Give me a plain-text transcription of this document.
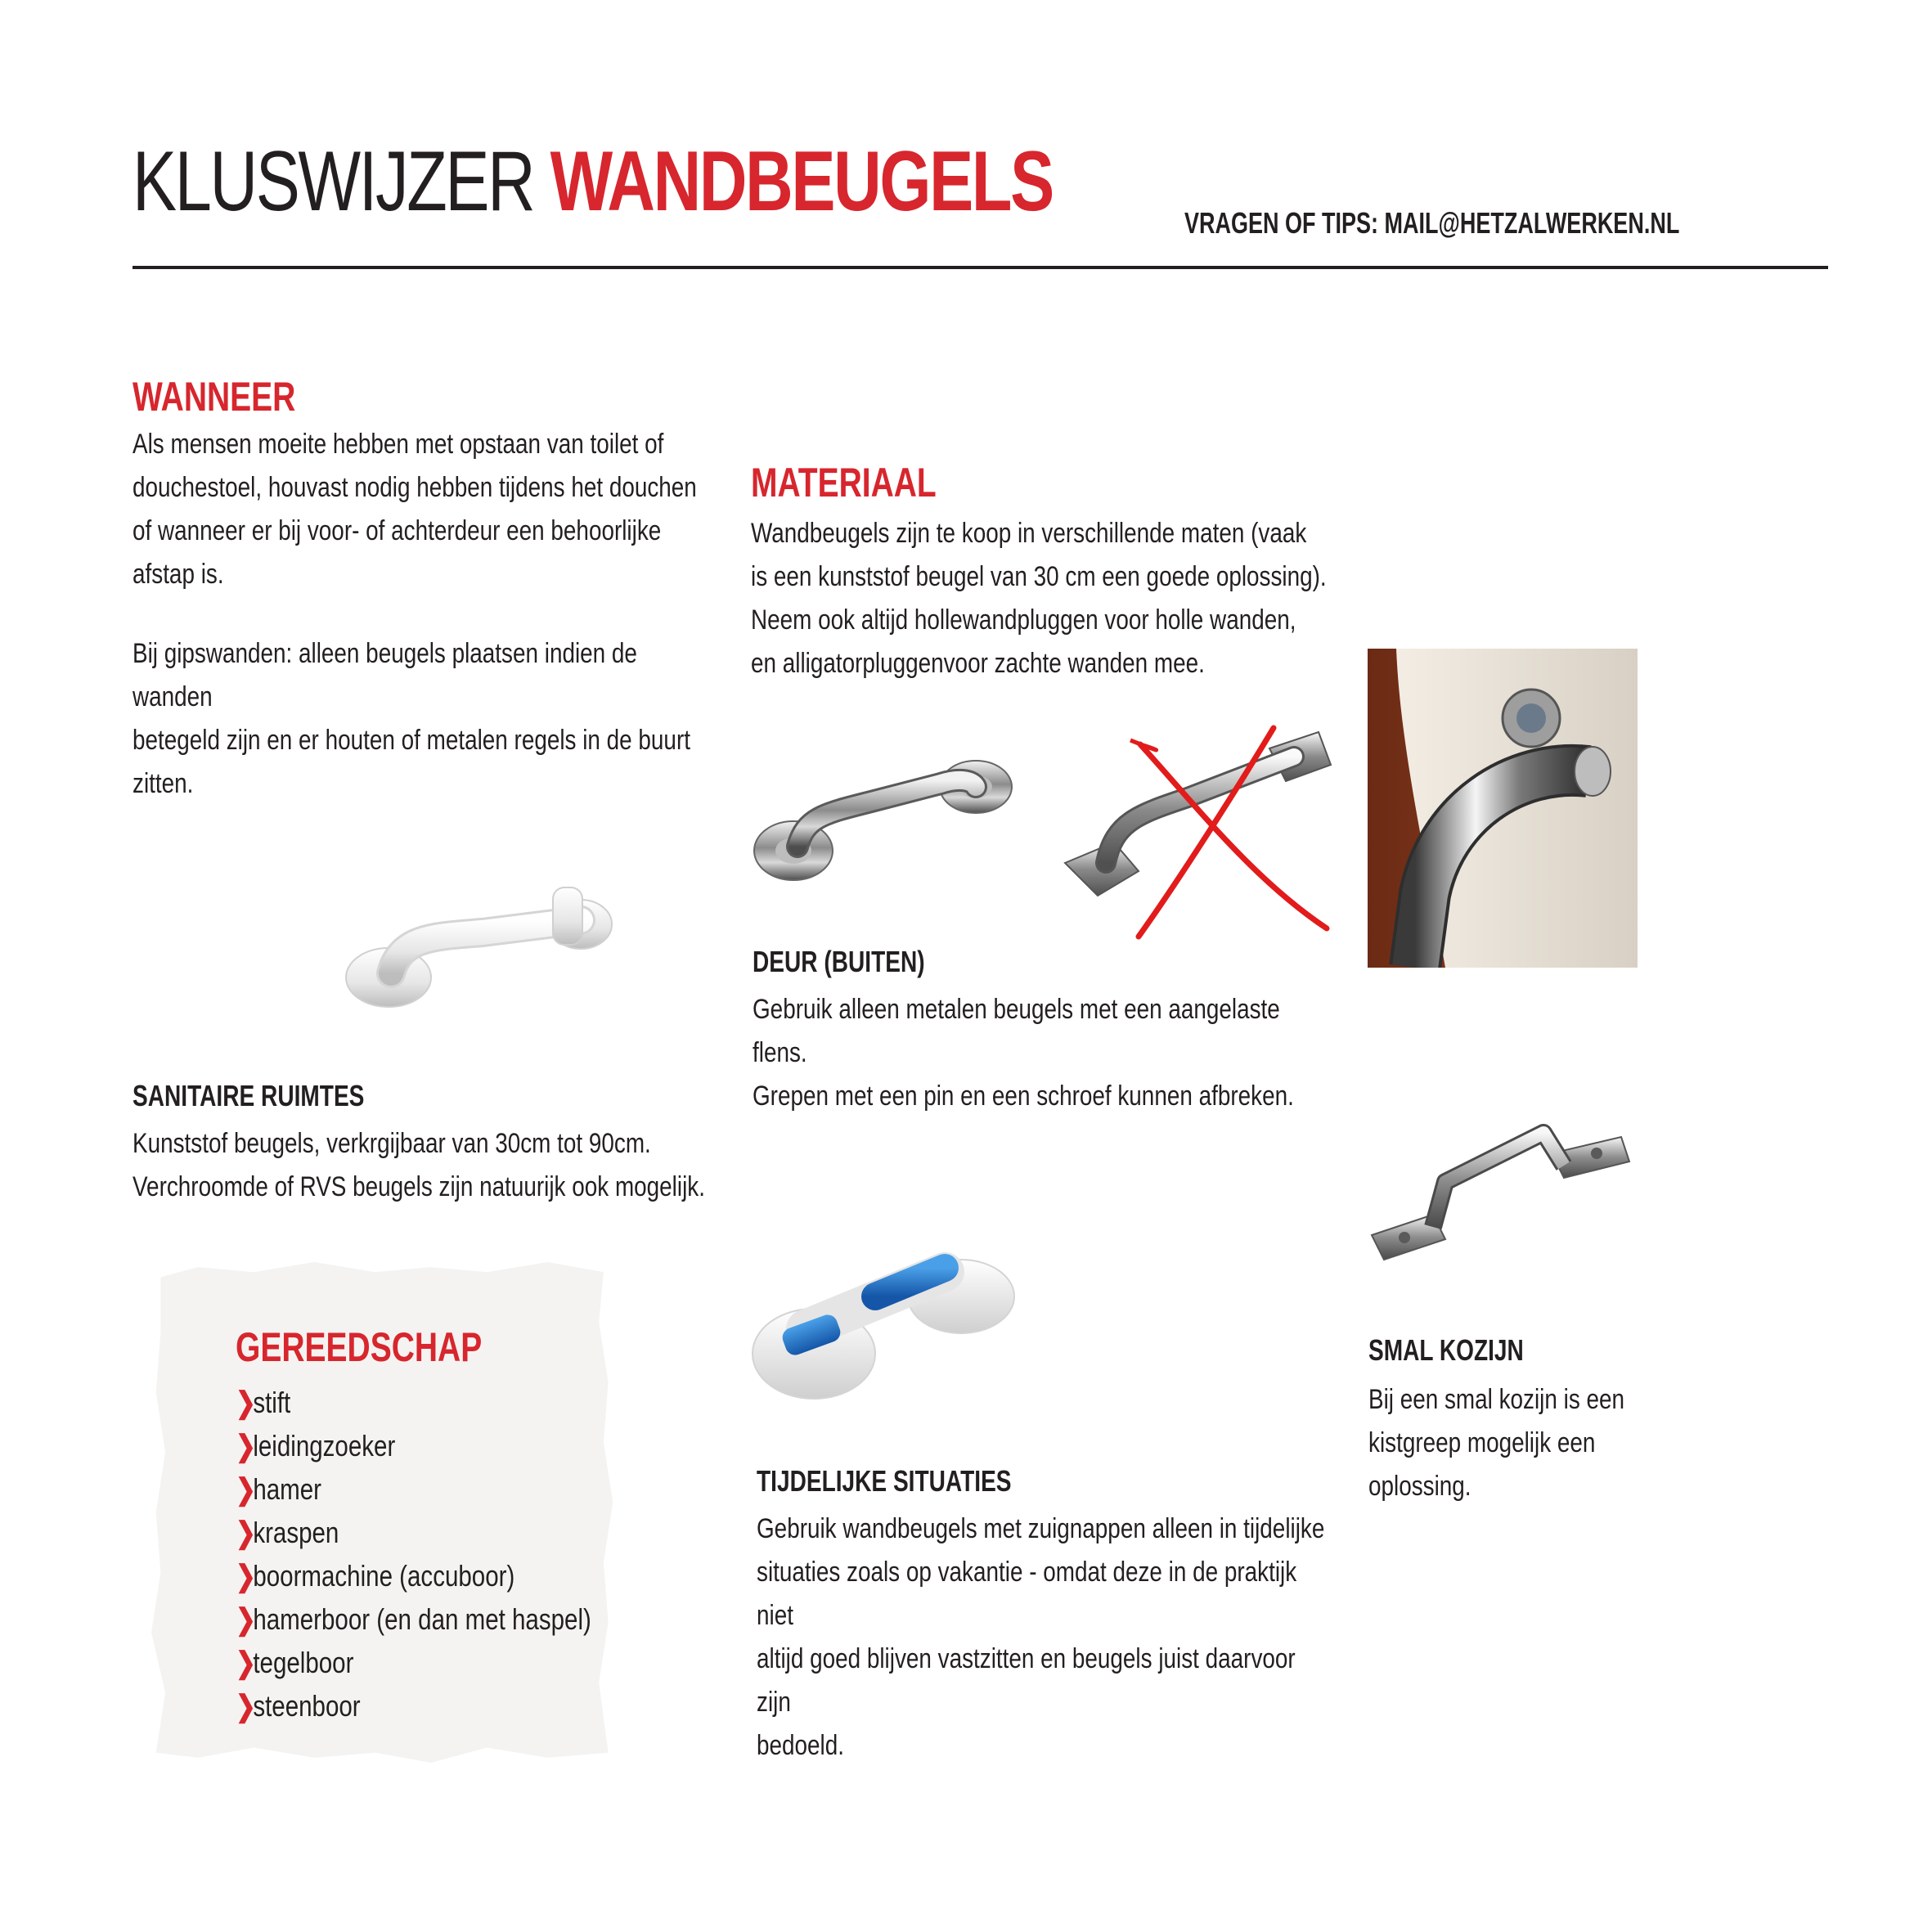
KLUSWIJZER WANDBEUGELS	VRAGEN OF TIPS: MAIL@HETZALWERKEN.NL
WANNEER

Als mensen moeite hebben met opstaan van toilet of
douchestoel, houvast nodig hebben tijdens het douchen
of wanneer er bij voor- of achterdeur een behoorlijke
afstap is.

Bij gipswanden: alleen beugels plaatsen indien de wanden
betegeld zijn en er houten of metalen regels in de buurt
zitten.

MATERIAAL

Wandbeugels zijn te koop in verschillende maten (vaak
is een kunststof beugel van 30 cm een goede oplossing).
Neem ook altijd hollewandpluggen voor holle wanden,
en alligatorpluggenvoor zachte wanden mee.

DEUR (BUITEN)

Gebruik alleen metalen beugels met een aangelaste flens.
Grepen met een pin en een schroef kunnen afbreken.

SANITAIRE RUIMTES

Kunststof beugels, verkrgijbaar van 30cm tot 90cm.
Verchroomde of RVS beugels zijn natuurijk ook mogelijk.

TIJDELIJKE SITUATIES

Gebruik wandbeugels met zuignappen alleen in tijdelijke
situaties zoals op vakantie - omdat deze in de praktijk niet
altijd goed blijven vastzitten en beugels juist daarvoor zijn
bedoeld.

SMAL KOZIJN

Bij een smal kozijn is een
kistgreep mogelijk een
oplossing.

GEREEDSCHAP
❯stift
❯leidingzoeker
❯hamer
❯kraspen
❯boormachine (accuboor)
❯hamerboor (en dan met haspel)
❯tegelboor
❯steenboor
